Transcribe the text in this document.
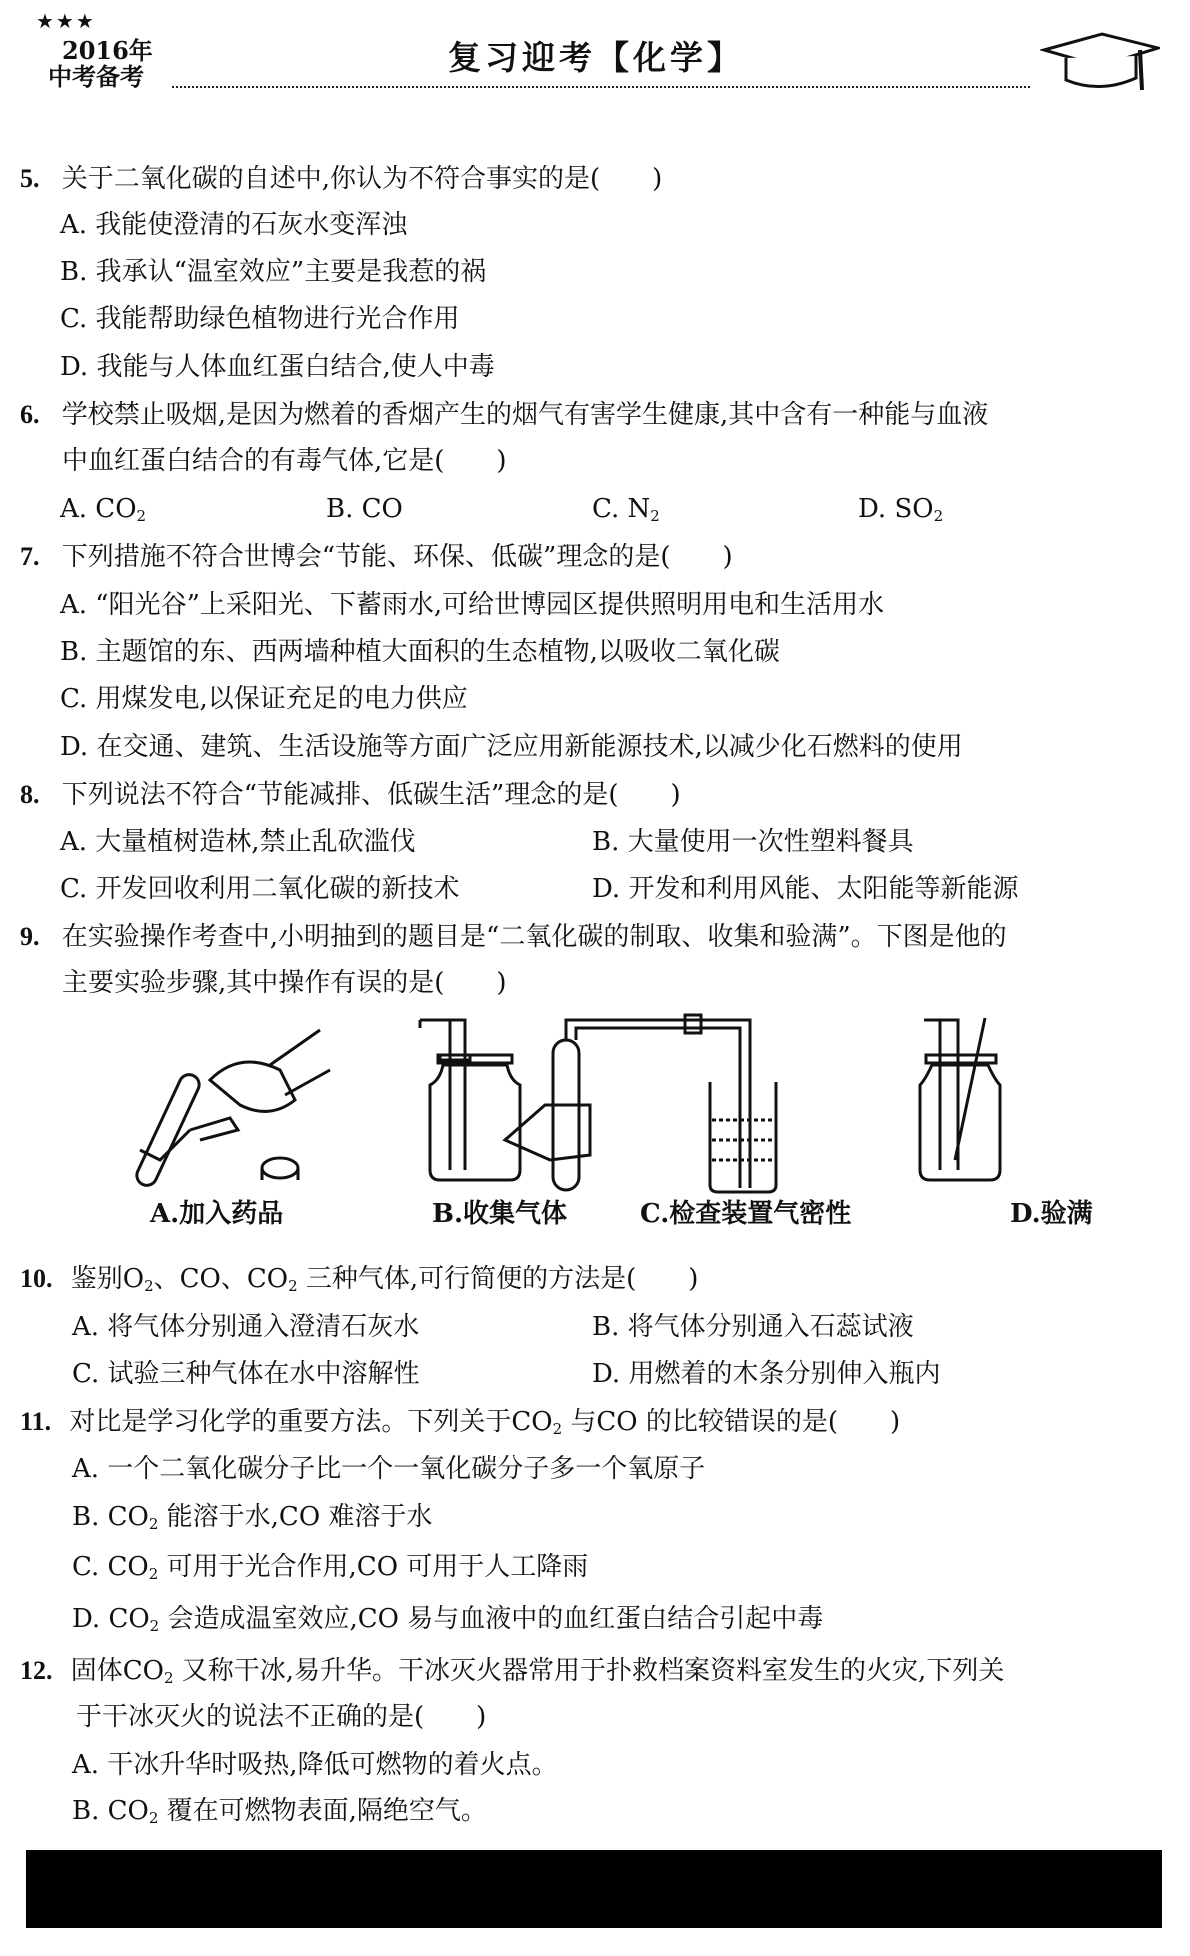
★★★
2016年
中考备考	复习迎考【化学】
5. 关于二氧化碳的自述中,你认为不符合事实的是(　　)
A. 我能使澄清的石灰水变浑浊
B. 我承认“温室效应”主要是我惹的祸
C. 我能帮助绿色植物进行光合作用
D. 我能与人体血红蛋白结合,使人中毒
6. 学校禁止吸烟,是因为燃着的香烟产生的烟气有害学生健康,其中含有一种能与血液
中血红蛋白结合的有毒气体,它是(　　)
A. $CO_2$	B. CO	C. $N_2$	D. $SO_2$
7. 下列措施不符合世博会“节能、环保、低碳”理念的是(　　)
A. “阳光谷”上采阳光、下蓄雨水,可给世博园区提供照明用电和生活用水
B. 主题馆的东、西两墙种植大面积的生态植物,以吸收二氧化碳
C. 用煤发电,以保证充足的电力供应
D. 在交通、建筑、生活设施等方面广泛应用新能源技术,以减少化石燃料的使用
8. 下列说法不符合“节能减排、低碳生活”理念的是(　　)
A. 大量植树造林,禁止乱砍滥伐	B. 大量使用一次性塑料餐具
C. 开发回收利用二氧化碳的新技术	D. 开发和利用风能、太阳能等新能源
9. 在实验操作考查中,小明抽到的题目是“二氧化碳的制取、收集和验满”。下图是他的
主要实验步骤,其中操作有误的是(　　)
A.加入药品	B.收集气体	C.检查装置气密性	D.验满
10. 鉴别$O_2$、CO、$CO_2$ 三种气体,可行简便的方法是(　　)
A. 将气体分别通入澄清石灰水	B. 将气体分别通入石蕊试液
C. 试验三种气体在水中溶解性	D. 用燃着的木条分别伸入瓶内
11. 对比是学习化学的重要方法。下列关于$CO_2$ 与CO 的比较错误的是(　　)
A. 一个二氧化碳分子比一个一氧化碳分子多一个氧原子
B. $CO_2$ 能溶于水,CO 难溶于水
C. $CO_2$ 可用于光合作用,CO 可用于人工降雨
D. $CO_2$ 会造成温室效应,CO 易与血液中的血红蛋白结合引起中毒
12. 固体$CO_2$ 又称干冰,易升华。干冰灭火器常用于扑救档案资料室发生的火灾,下列关
于干冰灭火的说法不正确的是(　　)
A. 干冰升华时吸热,降低可燃物的着火点。
B. $CO_2$ 覆在可燃物表面,隔绝空气。
